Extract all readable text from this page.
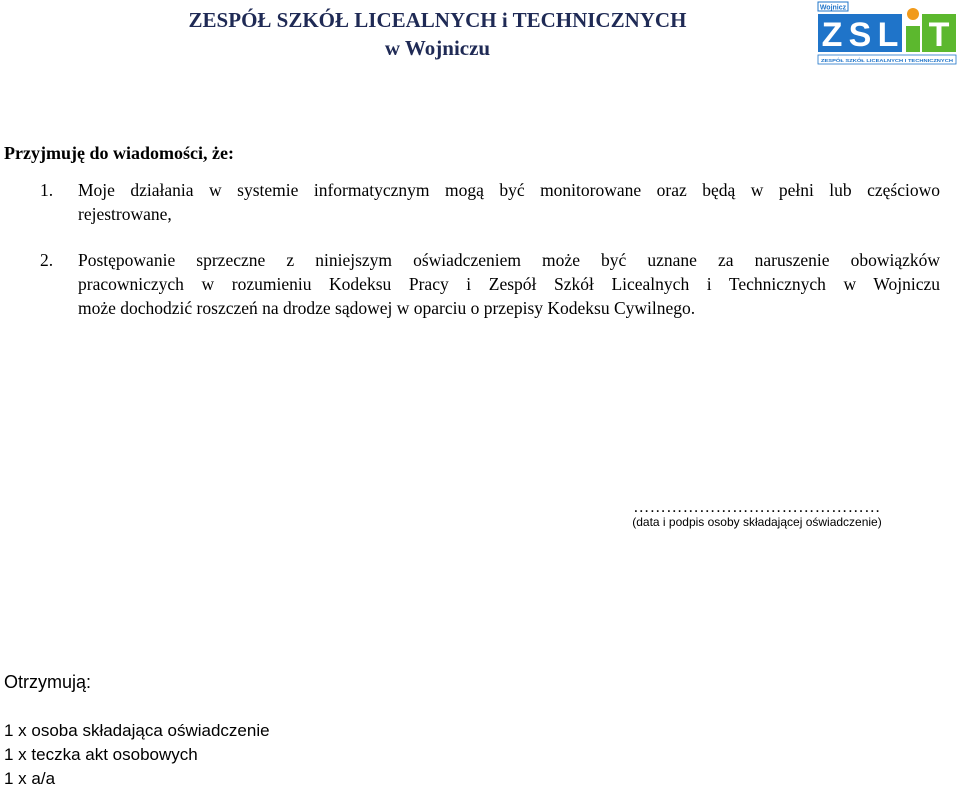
ZESPÓŁ SZKÓŁ LICEALNYCH i TECHNICZNYCH
w Wojniczu
Wojnicz
Z S L T
ZESPÓŁ SZKÓŁ LICEALNYCH I TECHNICZNYCH
Przyjmuję do wiadomości, że:
1. Moje działania w systemie informatycznym mogą być monitorowane oraz będą w pełni lub częściowo
rejestrowane,
2. Postępowanie sprzeczne z niniejszym oświadczeniem może być uznane za naruszenie obowiązków
pracowniczych w rozumieniu Kodeksu Pracy i Zespół Szkół Licealnych i Technicznych w Wojniczu
może dochodzić roszczeń na drodze sądowej w oparciu o przepisy Kodeksu Cywilnego.
………………………………………
(data i podpis osoby składającej oświadczenie)
Otrzymują:
1 x osoba składająca oświadczenie
1 x teczka akt osobowych
1 x a/a
